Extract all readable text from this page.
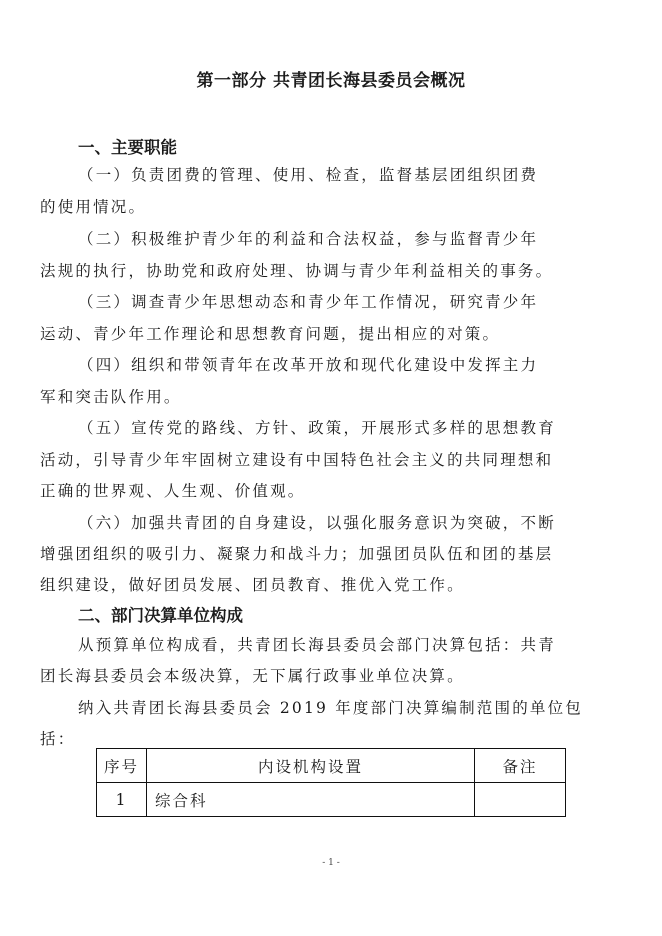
第一部分 共青团长海县委员会概况
一、主要职能
（一）负责团费的管理、使用、检查，监督基层团组织团费
的使用情况。
（二）积极维护青少年的利益和合法权益，参与监督青少年
法规的执行，协助党和政府处理、协调与青少年利益相关的事务。
（三）调查青少年思想动态和青少年工作情况，研究青少年
运动、青少年工作理论和思想教育问题，提出相应的对策。
（四）组织和带领青年在改革开放和现代化建设中发挥主力
军和突击队作用。
（五）宣传党的路线、方针、政策，开展形式多样的思想教育
活动，引导青少年牢固树立建设有中国特色社会主义的共同理想和
正确的世界观、人生观、价值观。
（六）加强共青团的自身建设，以强化服务意识为突破，不断
增强团组织的吸引力、凝聚力和战斗力；加强团员队伍和团的基层
组织建设，做好团员发展、团员教育、推优入党工作。
二、部门决算单位构成
从预算单位构成看，共青团长海县委员会部门决算包括：共青
团长海县委员会本级决算，无下属行政事业单位决算。
纳入共青团长海县委员会 2019 年度部门决算编制范围的单位包
括：
序号	内设机构设置	备注
1	综合科	
- 1 -
